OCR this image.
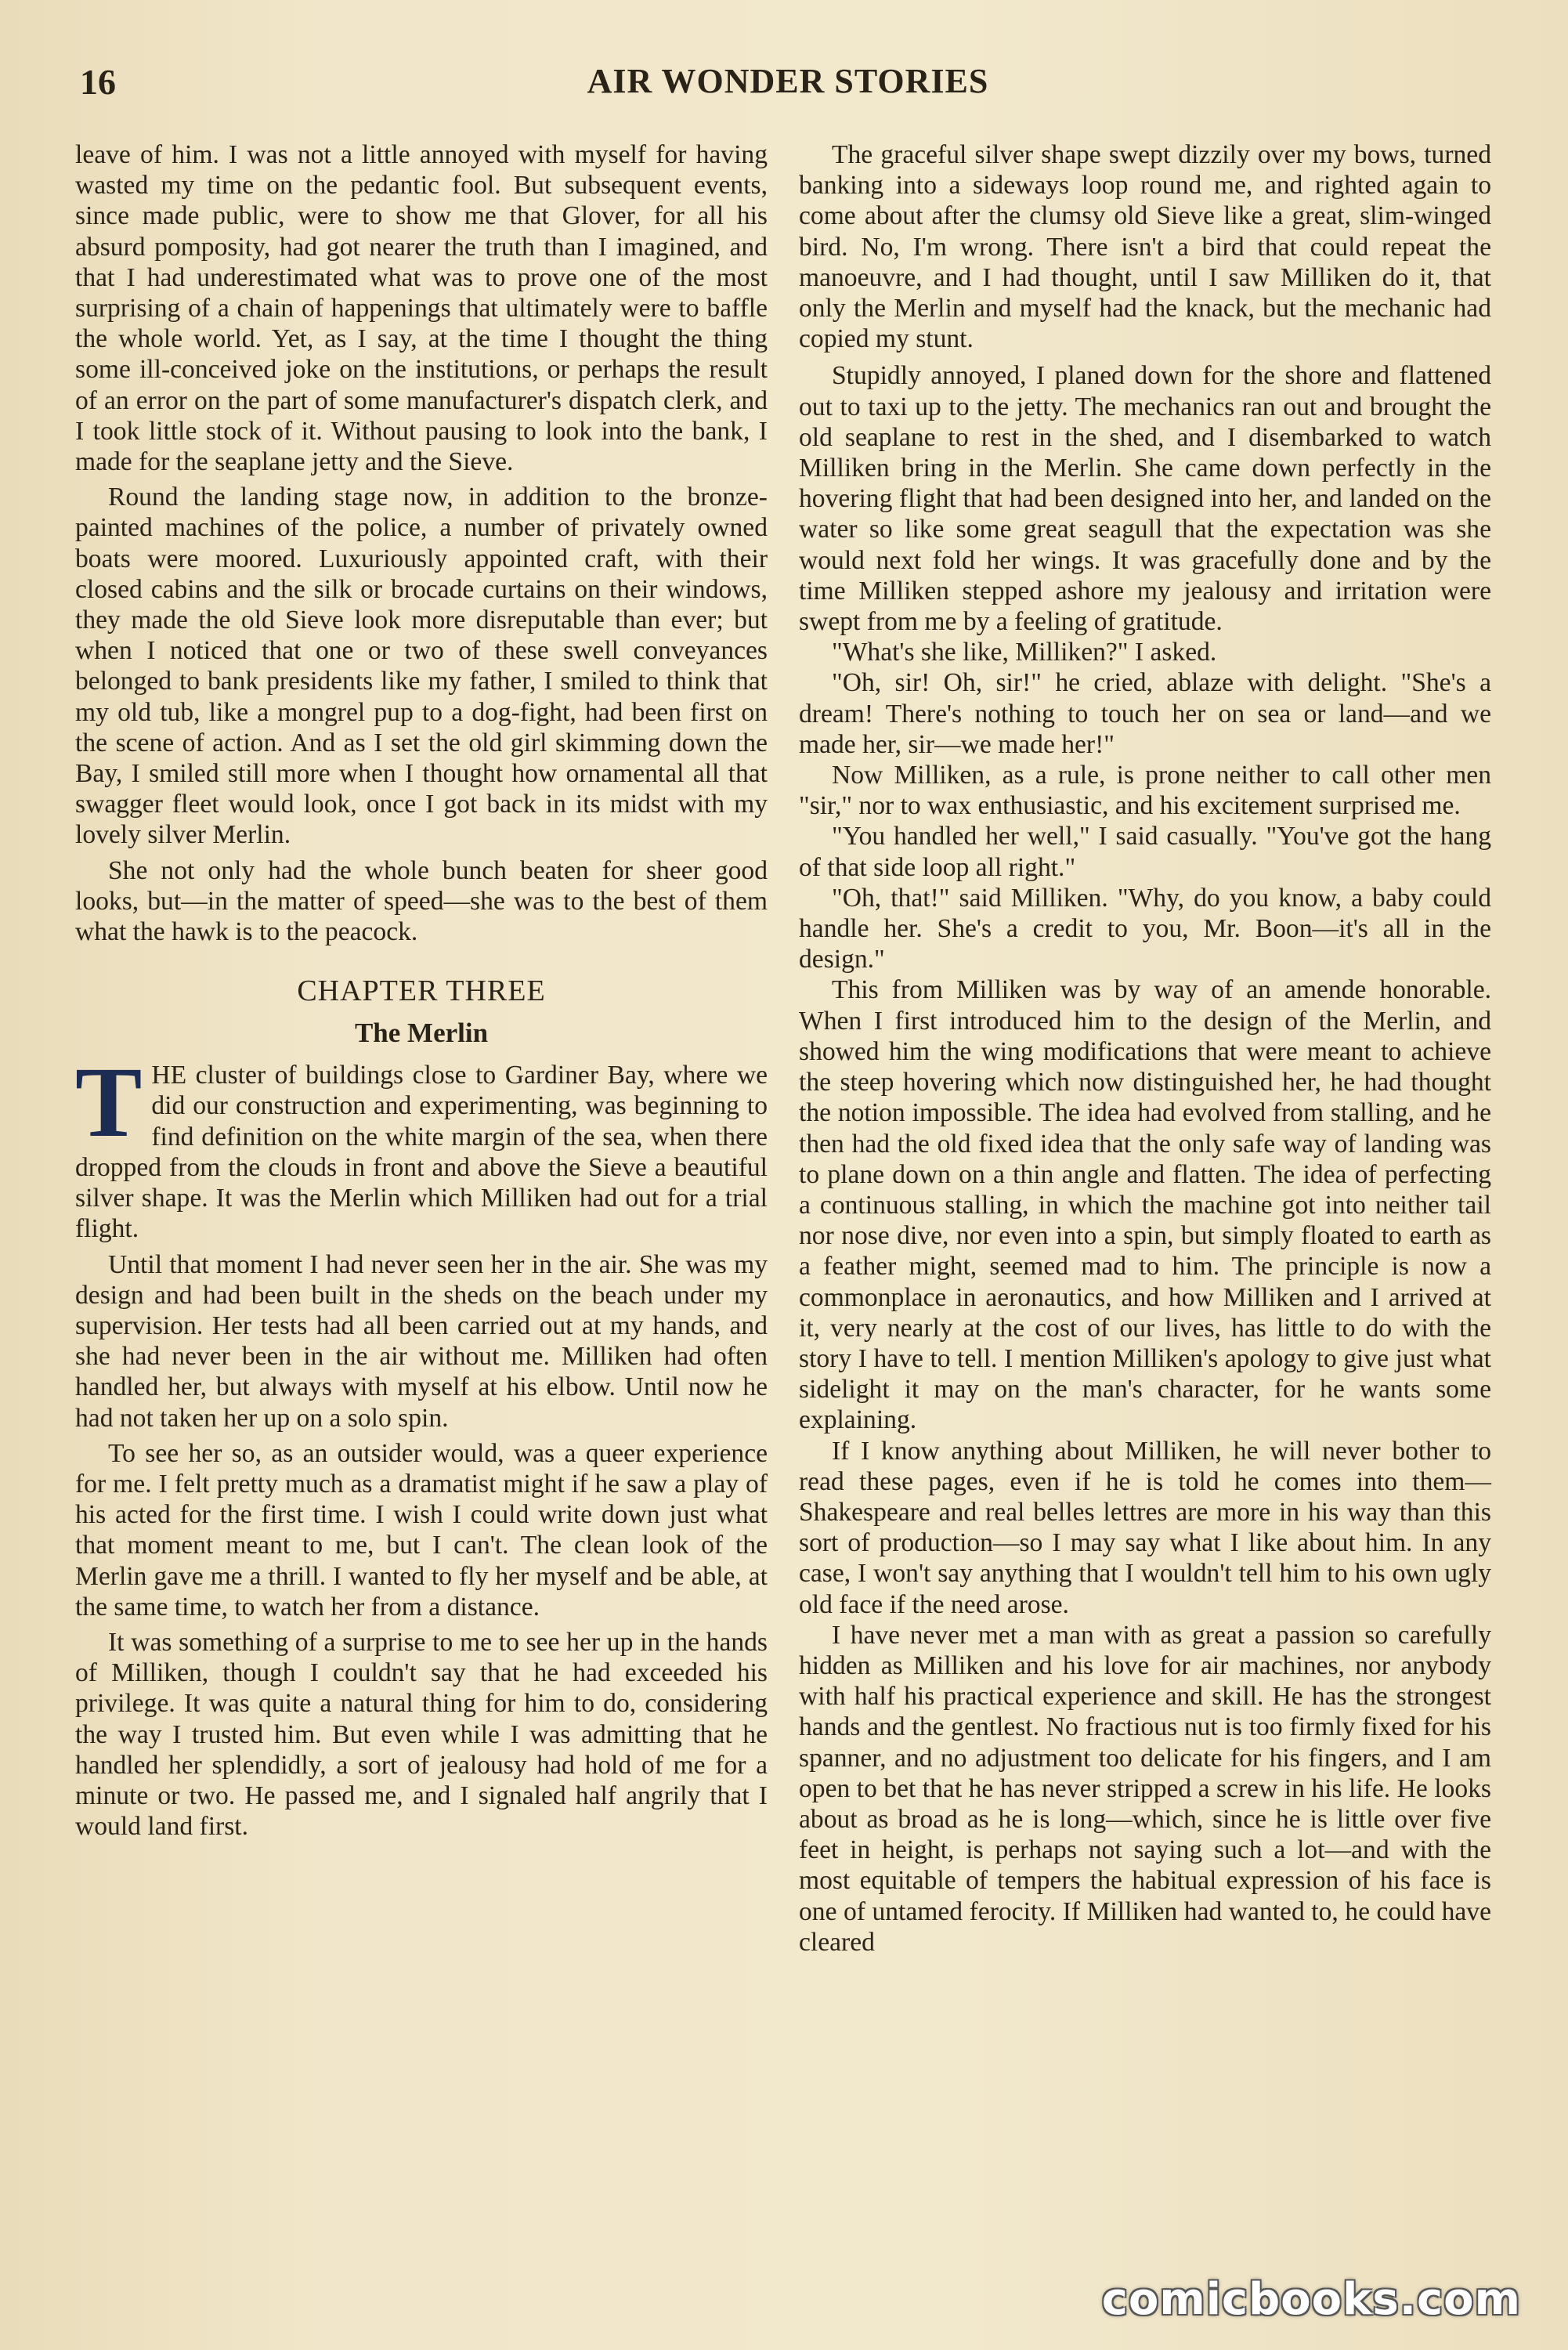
16	AIR WONDER STORIES

leave of him. I was not a little annoyed with myself for having wasted my time on the pedantic fool. But subsequent events, since made public, were to show me that Glover, for all his absurd pomposity, had got nearer the truth than I imagined, and that I had underestimated what was to prove one of the most surprising of a chain of happenings that ultimately were to baffle the whole world. Yet, as I say, at the time I thought the thing some ill-conceived joke on the institutions, or perhaps the result of an error on the part of some manufacturer's dispatch clerk, and I took little stock of it. Without pausing to look into the bank, I made for the seaplane jetty and the Sieve.

Round the landing stage now, in addition to the bronze-painted machines of the police, a number of privately owned boats were moored. Luxuriously appointed craft, with their closed cabins and the silk or brocade curtains on their windows, they made the old Sieve look more disreputable than ever; but when I noticed that one or two of these swell conveyances belonged to bank presidents like my father, I smiled to think that my old tub, like a mongrel pup to a dog-fight, had been first on the scene of action. And as I set the old girl skimming down the Bay, I smiled still more when I thought how ornamental all that swagger fleet would look, once I got back in its midst with my lovely silver Merlin.

She not only had the whole bunch beaten for sheer good looks, but—in the matter of speed—she was to the best of them what the hawk is to the peacock.

CHAPTER THREE
The Merlin

THE cluster of buildings close to Gardiner Bay, where we did our construction and experimenting, was beginning to find definition on the white margin of the sea, when there dropped from the clouds in front and above the Sieve a beautiful silver shape. It was the Merlin which Milliken had out for a trial flight.

Until that moment I had never seen her in the air. She was my design and had been built in the sheds on the beach under my supervision. Her tests had all been carried out at my hands, and she had never been in the air without me. Milliken had often handled her, but always with myself at his elbow. Until now he had not taken her up on a solo spin.

To see her so, as an outsider would, was a queer experience for me. I felt pretty much as a dramatist might if he saw a play of his acted for the first time. I wish I could write down just what that moment meant to me, but I can't. The clean look of the Merlin gave me a thrill. I wanted to fly her myself and be able, at the same time, to watch her from a distance.

It was something of a surprise to me to see her up in the hands of Milliken, though I couldn't say that he had exceeded his privilege. It was quite a natural thing for him to do, considering the way I trusted him. But even while I was admitting that he handled her splendidly, a sort of jealousy had hold of me for a minute or two. He passed me, and I signaled half angrily that I would land first.

The graceful silver shape swept dizzily over my bows, turned banking into a sideways loop round me, and righted again to come about after the clumsy old Sieve like a great, slim-winged bird. No, I'm wrong. There isn't a bird that could repeat the manoeuvre, and I had thought, until I saw Milliken do it, that only the Merlin and myself had the knack, but the mechanic had copied my stunt.

Stupidly annoyed, I planed down for the shore and flattened out to taxi up to the jetty. The mechanics ran out and brought the old seaplane to rest in the shed, and I disembarked to watch Milliken bring in the Merlin. She came down perfectly in the hovering flight that had been designed into her, and landed on the water so like some great seagull that the expectation was she would next fold her wings. It was gracefully done and by the time Milliken stepped ashore my jealousy and irritation were swept from me by a feeling of gratitude.

"What's she like, Milliken?" I asked.

"Oh, sir! Oh, sir!" he cried, ablaze with delight. "She's a dream! There's nothing to touch her on sea or land—and we made her, sir—we made her!"

Now Milliken, as a rule, is prone neither to call other men "sir," nor to wax enthusiastic, and his excitement surprised me.

"You handled her well," I said casually. "You've got the hang of that side loop all right."

"Oh, that!" said Milliken. "Why, do you know, a baby could handle her. She's a credit to you, Mr. Boon—it's all in the design."

This from Milliken was by way of an amende honorable. When I first introduced him to the design of the Merlin, and showed him the wing modifications that were meant to achieve the steep hovering which now distinguished her, he had thought the notion impossible. The idea had evolved from stalling, and he then had the old fixed idea that the only safe way of landing was to plane down on a thin angle and flatten. The idea of perfecting a continuous stalling, in which the machine got into neither tail nor nose dive, nor even into a spin, but simply floated to earth as a feather might, seemed mad to him. The principle is now a commonplace in aeronautics, and how Milliken and I arrived at it, very nearly at the cost of our lives, has little to do with the story I have to tell. I mention Milliken's apology to give just what sidelight it may on the man's character, for he wants some explaining.

If I know anything about Milliken, he will never bother to read these pages, even if he is told he comes into them—Shakespeare and real belles lettres are more in his way than this sort of production—so I may say what I like about him. In any case, I won't say anything that I wouldn't tell him to his own ugly old face if the need arose.

I have never met a man with as great a passion so carefully hidden as Milliken and his love for air machines, nor anybody with half his practical experience and skill. He has the strongest hands and the gentlest. No fractious nut is too firmly fixed for his spanner, and no adjustment too delicate for his fingers, and I am open to bet that he has never stripped a screw in his life. He looks about as broad as he is long—which, since he is little over five feet in height, is perhaps not saying such a lot—and with the most equitable of tempers the habitual expression of his face is one of untamed ferocity. If Milliken had wanted to, he could have cleared

comicbooks.com
